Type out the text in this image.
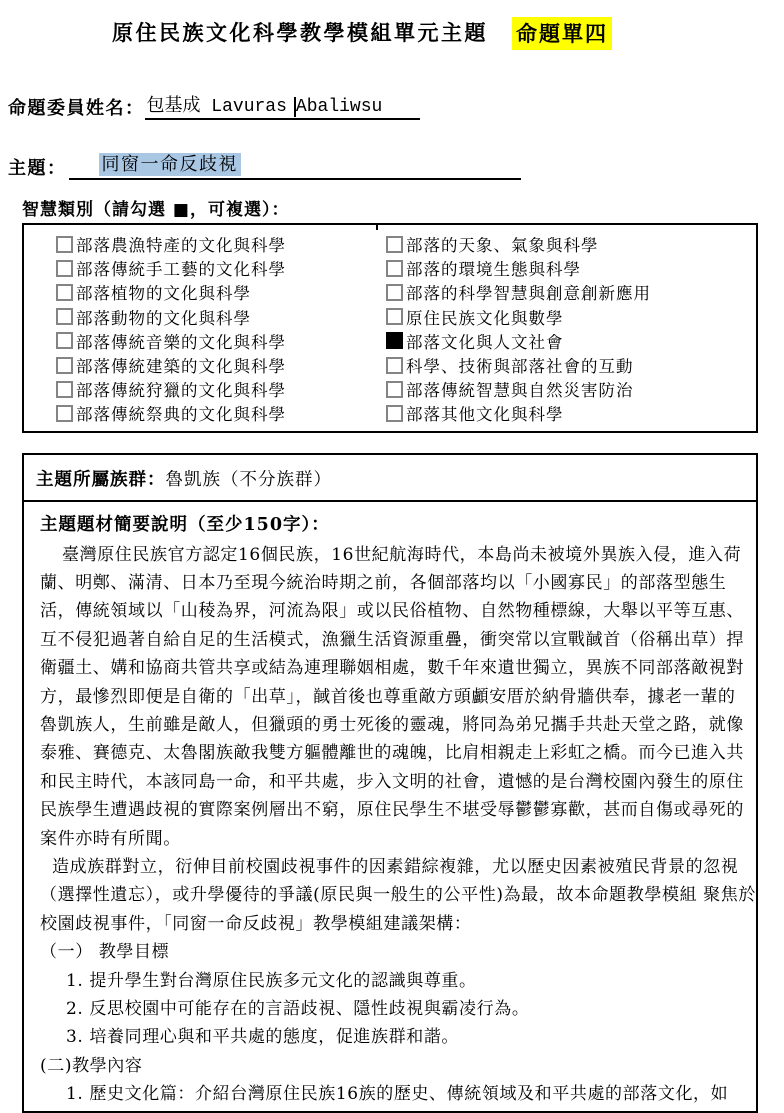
原住民族文化科學教學模組單元主題 命題單四
命題委員姓名： 包基成 Lavuras Abaliwsu
主題：	同窗一命反歧視
智慧類別（請勾選 ■，可複選）：
部落農漁特產的文化與科學
部落傳統手工藝的文化科學
部落植物的文化與科學
部落動物的文化與科學
部落傳統音樂的文化與科學
部落傳統建築的文化與科學
部落傳統狩獵的文化與科學
部落傳統祭典的文化與科學
部落的天象、氣象與科學
部落的環境生態與科學
部落的科學智慧與創意創新應用
原住民族文化與數學
部落文化與人文社會
科學、技術與部落社會的互動
部落傳統智慧與自然災害防治
部落其他文化與科學
主題所屬族群：魯凱族（不分族群）
主題題材簡要說明（至少150字）：
臺灣原住民族官方認定16個民族，16世紀航海時代，本島尚未被境外異族入侵，進入荷
蘭、明鄭、滿清、日本乃至現今統治時期之前，各個部落均以「小國寡民」的部落型態生
活，傳統領域以「山稜為界，河流為限」或以民俗植物、自然物種標線，大舉以平等互惠、
互不侵犯過著自給自足的生活模式，漁獵生活資源重疊，衝突常以宣戰馘首（俗稱出草）捍
衛疆土、媾和協商共管共享或結為連理聯姻相處，數千年來遺世獨立，異族不同部落敵視對
方，最慘烈即便是自衛的「出草」，馘首後也尊重敵方頭顱安厝於納骨牆供奉，據老一輩的
魯凱族人，生前雖是敵人，但獵頭的勇士死後的靈魂，將同為弟兄攜手共赴天堂之路，就像
泰雅、賽德克、太魯閣族敵我雙方軀體離世的魂魄，比肩相親走上彩虹之橋。而今已進入共
和民主時代，本該同島一命，和平共處，步入文明的社會，遺憾的是台灣校園內發生的原住
民族學生遭遇歧視的實際案例層出不窮，原住民學生不堪受辱鬱鬱寡歡，甚而自傷或尋死的
案件亦時有所聞。
造成族群對立，衍伸目前校園歧視事件的因素錯綜複雜，尤以歷史因素被殖民背景的忽視
（選擇性遺忘），或升學優待的爭議(原民與一般生的公平性)為最，故本命題教學模組 聚焦於
校園歧視事件，「同窗一命反歧視」教學模組建議架構：
（一） 教學目標
1. 提升學生對台灣原住民族多元文化的認識與尊重。
2. 反思校園中可能存在的言語歧視、隱性歧視與霸凌行為。
3. 培養同理心與和平共處的態度，促進族群和諧。
(二)教學內容
1. 歷史文化篇：介紹台灣原住民族16族的歷史、傳統領域及和平共處的部落文化，如
